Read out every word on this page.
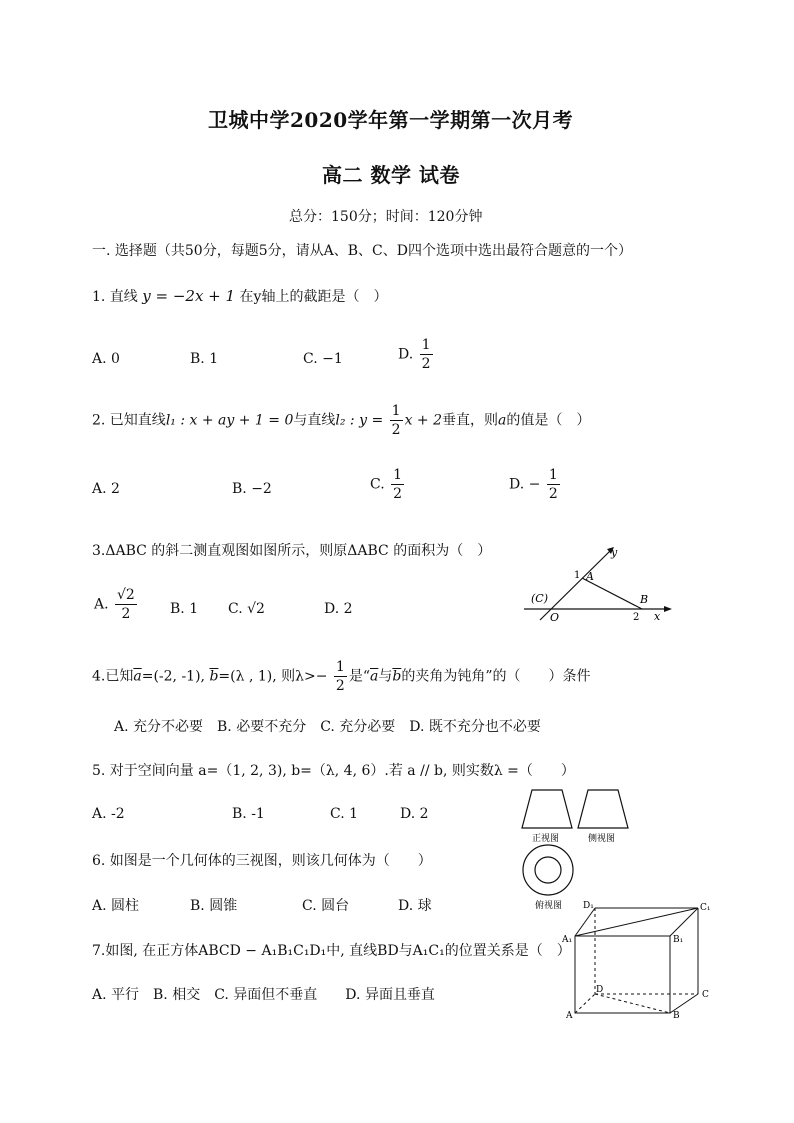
卫城中学2020学年第一学期第一次月考
高二 数学 试卷
总分：150分；时间：120分钟
一. 选择题（共50分，每题5分，请从A、B、C、D四个选项中选出最符合题意的一个）
1. 直线 y = −2x + 1 在y轴上的截距是（　）
A. 0	B. 1	C. −1	D. $\frac{1}{2}$
2. 已知直线l₁ : x + ay + 1 = 0与直线l₂ : $y = \frac{1}{2}$ x + 2垂直，则a的值是（　）
A. 2	B. −2	C. $\frac{1}{2}$	D. − $\frac{1}{2}$
3.ΔABC 的斜二测直观图如图所示，则原ΔABC 的面积为（　）
A. $\frac{√2}{2} B$. 1 C. √2	D. 2
y
x
A
B
1
2
O
(C)
4.已知$\overline{a}=(-2$, -1), $\overline{b}=(\lambda$ , 1), 则$\lambda>- \frac{1}{2}$ 是“$\overline{a}$与$\overline{b}$的夹角为钝角”的（　　）条件
A. 充分不必要　B. 必要不充分　C. 充分必要　D. 既不充分也不必要
5. 对于空间向量 a=（1, 2, 3), b=（λ, 4, 6）.若 a // b, 则实数λ =（　　）
A. -2	B. -1	C. 1	D. 2
正视图	侧视图
俯视图
6. 如图是一个几何体的三视图，则该几何体为（　　）
A. 圆柱	B. 圆锥	C. 圆台	D. 球
7.如图, 在正方体ABCD − A₁B₁C₁D₁中, 直线BD与A₁C₁的位置关系是（　）
A. 平行　B. 相交　C. 异面但不垂直　　D. 异面且垂直
D₁	C₁
A₁	B₁
D	C
A	B
